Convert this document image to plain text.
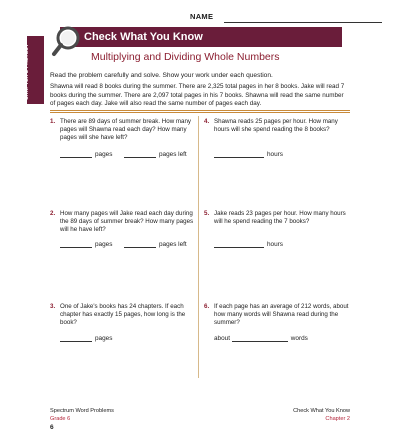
NAME
CHAPTER 2 PRETEST
Check What You Know
Multiplying and Dividing Whole Numbers
Read the problem carefully and solve. Show your work under each question.
Shawna will read 8 books during the summer. There are 2,325 total pages in her 8 books. Jake will read 7 books during the summer. There are 2,097 total pages in his 7 books. Shawna will read the same number of pages each day. Jake will also read the same number of pages each day.
1. There are 89 days of summer break. How many pages will Shawna read each day? How many pages will she have left?
pages	pages left
4. Shawna reads 25 pages per hour. How many hours will she spend reading the 8 books?
hours
2. How many pages will Jake read each day during the 89 days of summer break? How many pages will he have left?
pages	pages left
5. Jake reads 23 pages per hour. How many hours will he spend reading the 7 books?
hours
3. One of Jake's books has 24 chapters. If each chapter has exactly 15 pages, how long is the book?
pages
6. If each page has an average of 212 words, about how many words will Shawna read during the summer?
about	words
Spectrum Word Problems
Grade 6
6
Check What You Know
Chapter 2
